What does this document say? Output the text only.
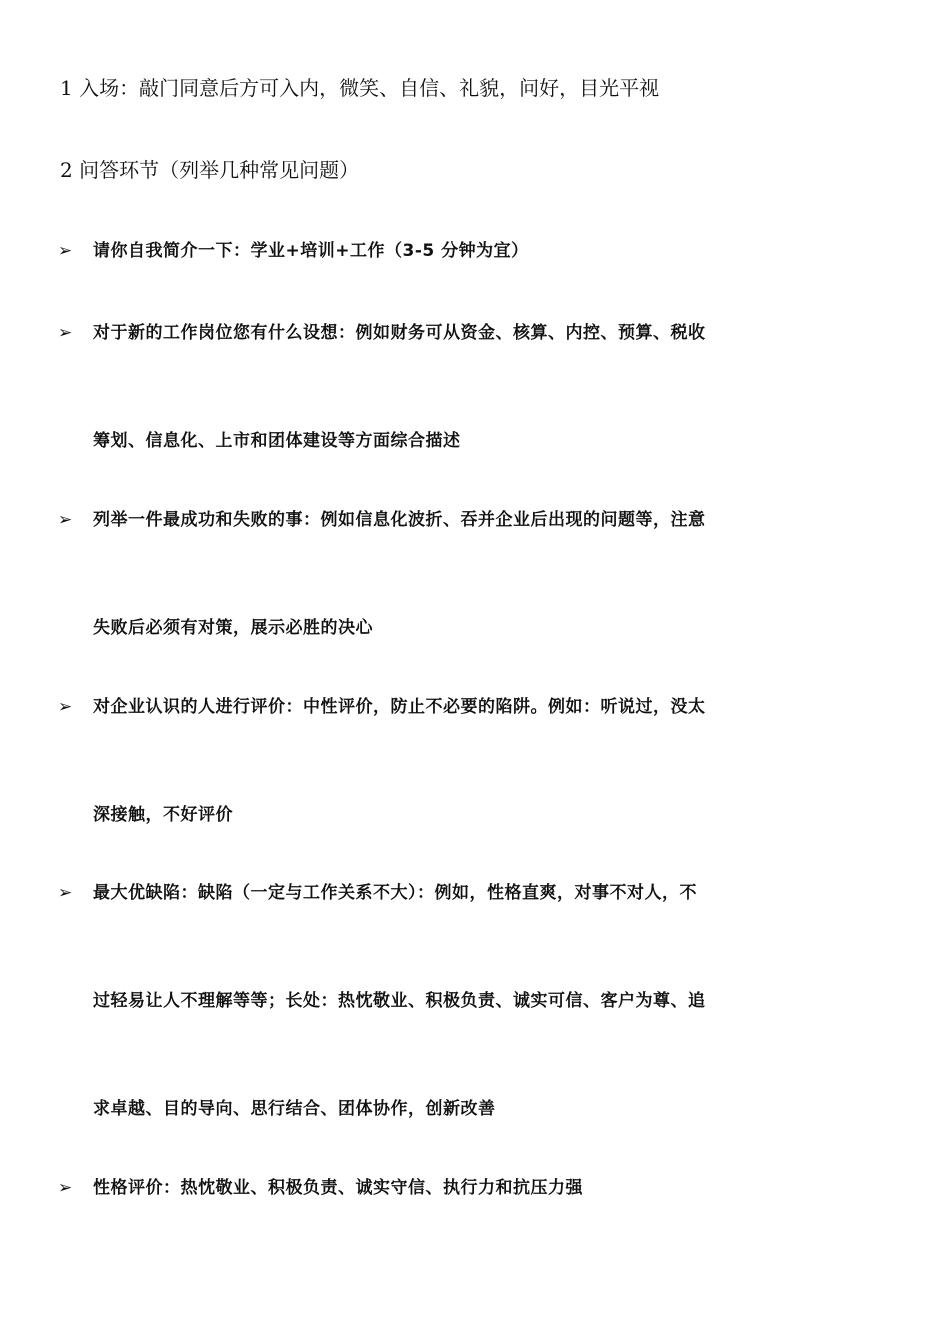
1 入场：敲门同意后方可入内，微笑、自信、礼貌，问好，目光平视
2 问答环节（列举几种常见问题）
➢	请你自我简介一下：学业+培训+工作（3-5 分钟为宜）
➢	对于新的工作岗位您有什么设想：例如财务可从资金、核算、内控、预算、税收
筹划、信息化、上市和团体建设等方面综合描述
➢	列举一件最成功和失败的事：例如信息化波折、吞并企业后出现的问题等，注意
失败后必须有对策，展示必胜的决心
➢	对企业认识的人进行评价：中性评价，防止不必要的陷阱。例如：听说过，没太
深接触，不好评价
➢	最大优缺陷：缺陷（一定与工作关系不大）：例如，性格直爽，对事不对人，不
过轻易让人不理解等等；长处：热忱敬业、积极负责、诚实可信、客户为尊、追
求卓越、目的导向、思行结合、团体协作，创新改善
➢	性格评价：热忱敬业、积极负责、诚实守信、执行力和抗压力强
